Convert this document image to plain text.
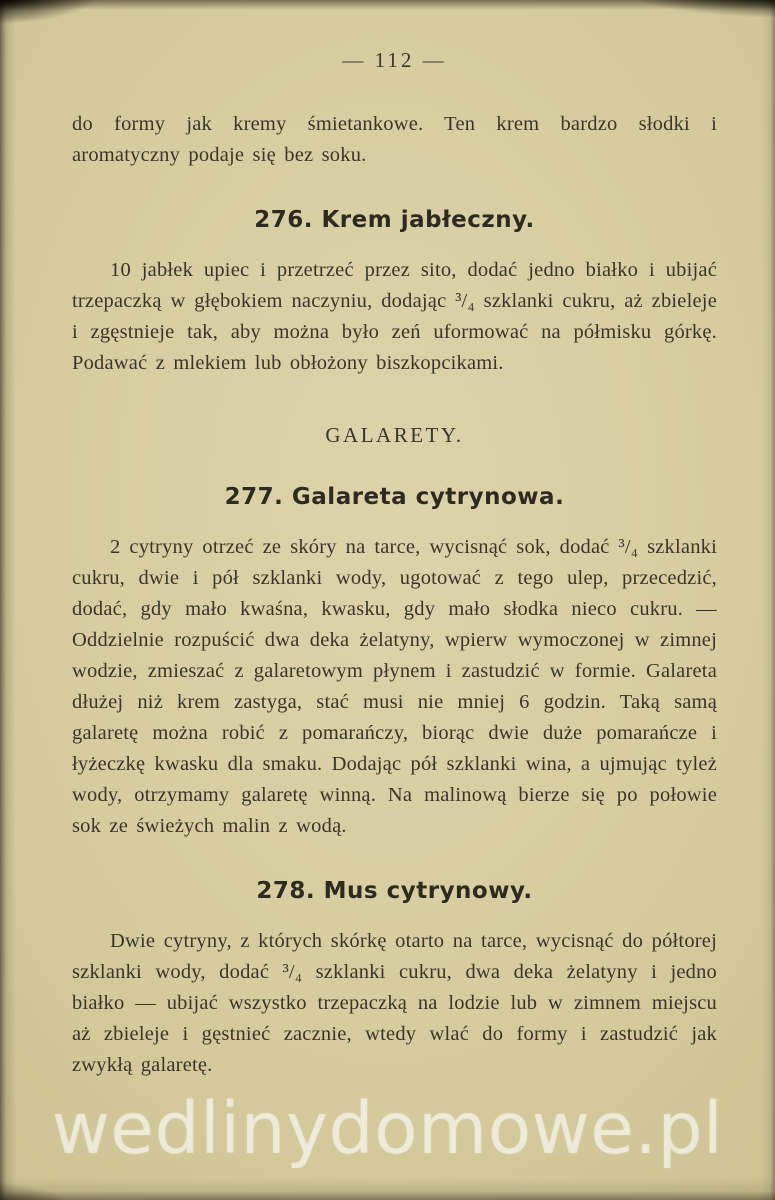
— 112 —

do formy jak kremy śmietankowe. Ten krem bardzo słodki i aromatyczny podaje się bez soku.

276. Krem jabłeczny.

10 jabłek upiec i przetrzeć przez sito, dodać jedno białko i ubijać trzepaczką w głębokiem naczyniu, dodając ³/₄ szklanki cukru, aż zbieleje i zgęstnieje tak, aby można było zeń uformować na półmisku górkę. Podawać z mlekiem lub obłożony biszkopcikami.

GALARETY.
277. Galareta cytrynowa.

2 cytryny otrzeć ze skóry na tarce, wycisnąć sok, dodać ³/₄ szklanki cukru, dwie i pół szklanki wody, ugotować z tego ulep, przecedzić, dodać, gdy mało kwaśna, kwasku, gdy mało słodka nieco cukru. — Oddzielnie rozpuścić dwa deka żelatyny, wpierw wymoczonej w zimnej wodzie, zmieszać z galaretowym płynem i zastudzić w formie. Galareta dłużej niż krem zastyga, stać musi nie mniej 6 godzin. Taką samą galaretę można robić z pomarańczy, biorąc dwie duże pomarańcze i łyżeczkę kwasku dla smaku. Dodając pół szklanki wina, a ujmując tyleż wody, otrzymamy galaretę winną. Na malinową bierze się po połowie sok ze świeżych malin z wodą.

278. Mus cytrynowy.

Dwie cytryny, z których skórkę otarto na tarce, wycisnąć do półtorej szklanki wody, dodać ³/₄ szklanki cukru, dwa deka żelatyny i jedno białko — ubijać wszystko trzepaczką na lodzie lub w zimnem miejscu aż zbieleje i gęstnieć zacznie, wtedy wlać do formy i zastudzić jak zwykłą galaretę.

wedlinydomowe.pl
